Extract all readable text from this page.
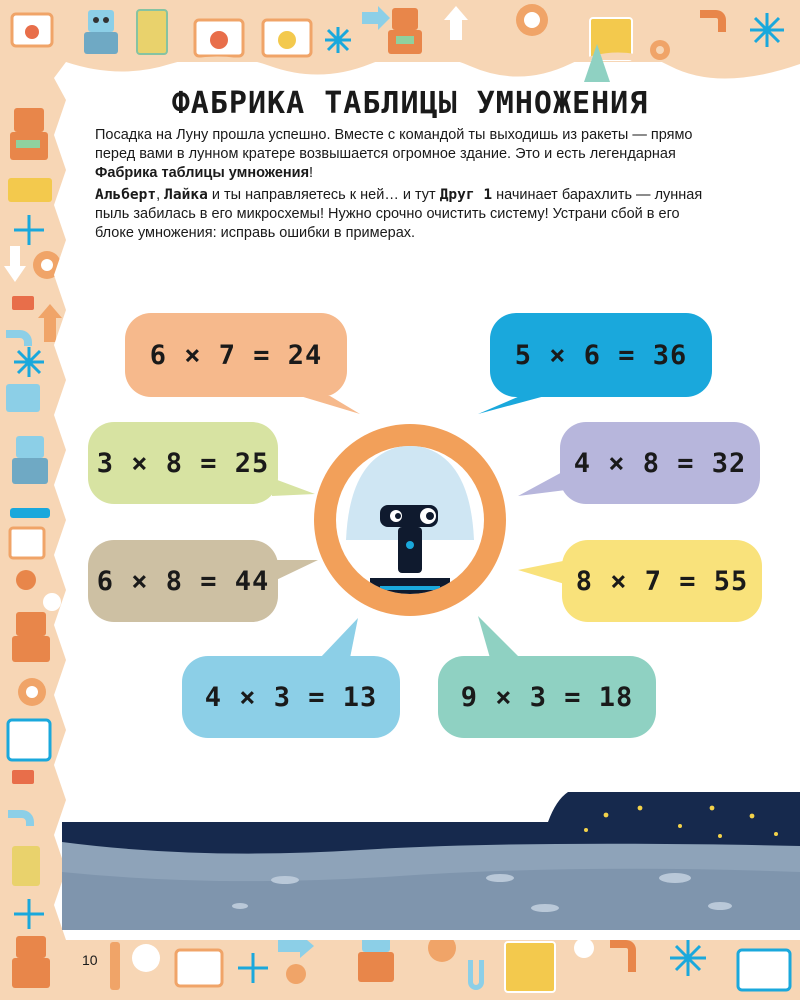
ФАБРИКА ТАБЛИЦЫ УМНОЖЕНИЯ

Посадка на Луну прошла успешно. Вместе с командой ты выходишь из ракеты — прямо перед вами в лунном кратере возвышается огромное здание. Это и есть легендарная Фабрика таблицы умножения!

Альберт, Лайка и ты направляетесь к ней… и тут Друг 1 начинает барахлить — лунная пыль забилась в его микросхемы! Нужно срочно очистить систему! Устрани сбой в его блоке умножения: исправь ошибки в примерах.

6 × 7 = 24	5 × 6 = 36
3 × 8 = 25	4 × 8 = 32
6 × 8 = 44	8 × 7 = 55
4 × 3 = 13	9 × 3 = 18
10
